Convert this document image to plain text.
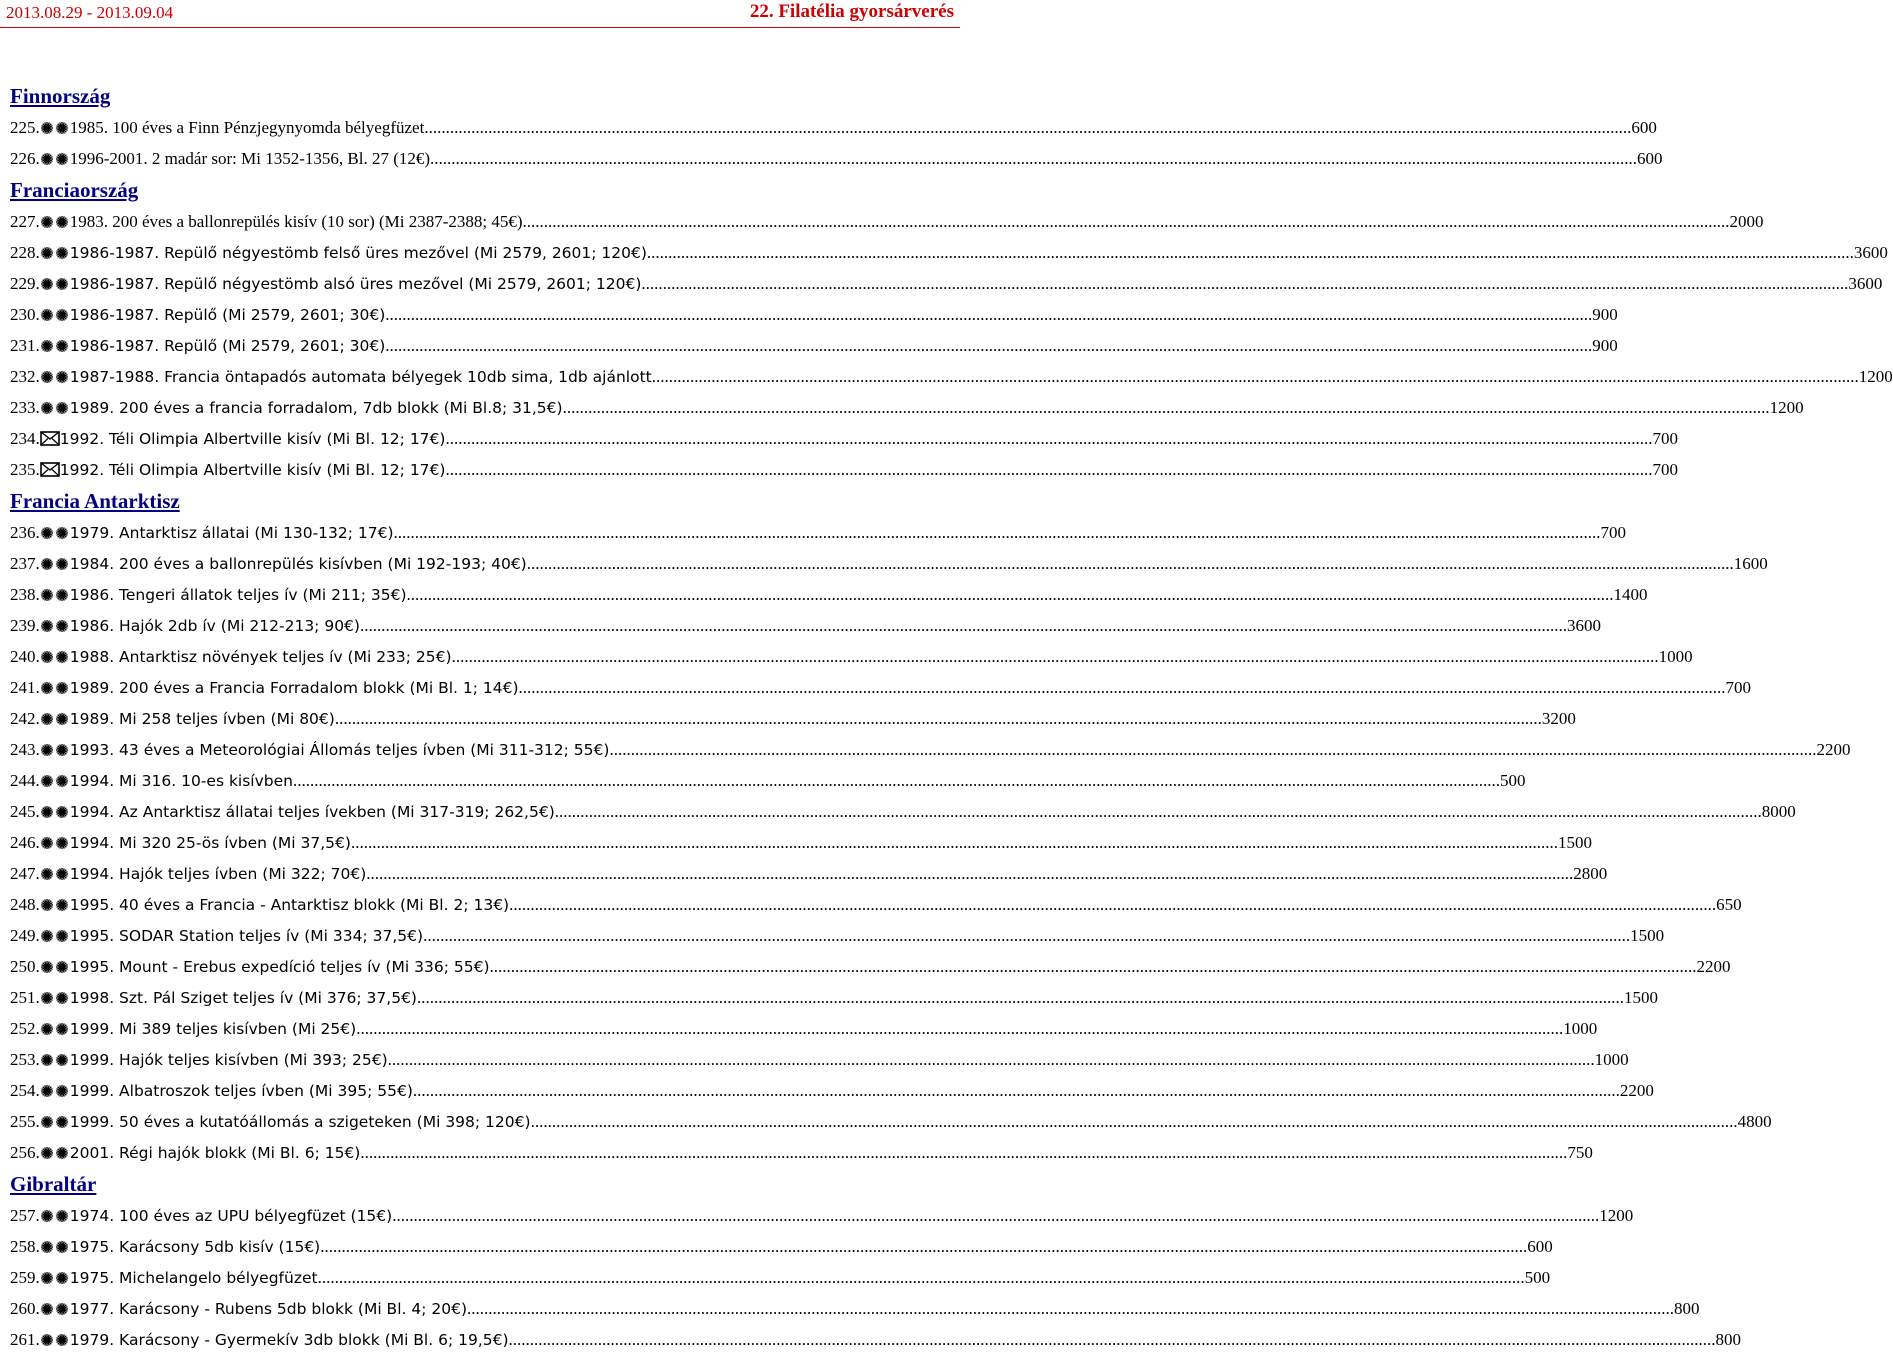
2013.08.29 - 2013.09.04	22. Filatélia gyorsárverés
Finnország
225. 1985. 100 éves a Finn Pénzjegynyomda bélyegfüzet .....	600
226. 1996-2001. 2 madár sor: Mi 1352-1356, Bl. 27 (12€) .....	600
Franciaország
227. 1983. 200 éves a ballonrepülés kisív (10 sor) (Mi 2387-2388; 45€) .....	2000
228. 1986-1987. Repülő négyestömb felső üres mezővel (Mi 2579, 2601; 120€) .....	3600
229. 1986-1987. Repülő négyestömb alsó üres mezővel (Mi 2579, 2601; 120€) .....	3600
230. 1986-1987. Repülő (Mi 2579, 2601; 30€) .....	900
231. 1986-1987. Repülő (Mi 2579, 2601; 30€) .....	900
232. 1987-1988. Francia öntapadós automata bélyegek 10db sima, 1db ajánlott .....	1200
233. 1989. 200 éves a francia forradalom, 7db blokk (Mi Bl.8; 31,5€) .....	1200
234. 1992. Téli Olimpia Albertville kisív (Mi Bl. 12; 17€) .....	700
235. 1992. Téli Olimpia Albertville kisív (Mi Bl. 12; 17€) .....	700
Francia Antarktisz
236. 1979. Antarktisz állatai (Mi 130-132; 17€) .....	700
237. 1984. 200 éves a ballonrepülés kisívben (Mi 192-193; 40€) .....	1600
238. 1986. Tengeri állatok teljes ív (Mi 211; 35€) .....	1400
239. 1986. Hajók 2db ív (Mi 212-213; 90€) .....	3600
240. 1988. Antarktisz növények teljes ív (Mi 233; 25€) .....	1000
241. 1989. 200 éves a Francia Forradalom blokk (Mi Bl. 1; 14€) .....	700
242. 1989. Mi 258 teljes ívben (Mi 80€) .....	3200
243. 1993. 43 éves a Meteorológiai Állomás teljes ívben (Mi 311-312; 55€) .....	2200
244. 1994. Mi 316. 10-es kisívben .....	500
245. 1994. Az Antarktisz állatai teljes ívekben (Mi 317-319; 262,5€) .....	8000
246. 1994. Mi 320 25-ös ívben (Mi 37,5€) .....	1500
247. 1994. Hajók teljes ívben (Mi 322; 70€) .....	2800
248. 1995. 40 éves a Francia - Antarktisz blokk (Mi Bl. 2; 13€) .....	650
249. 1995. SODAR Station teljes ív (Mi 334; 37,5€) .....	1500
250. 1995. Mount - Erebus expedíció teljes ív (Mi 336; 55€) .....	2200
251. 1998. Szt. Pál Sziget teljes ív (Mi 376; 37,5€) .....	1500
252. 1999. Mi 389 teljes kisívben (Mi 25€) .....	1000
253. 1999. Hajók teljes kisívben (Mi 393; 25€) .....	1000
254. 1999. Albatroszok teljes ívben (Mi 395; 55€) .....	2200
255. 1999. 50 éves a kutatóállomás a szigeteken (Mi 398; 120€) .....	4800
256. 2001. Régi hajók blokk (Mi Bl. 6; 15€) .....	750
Gibraltár
257. 1974. 100 éves az UPU bélyegfüzet (15€) .....	1200
258. 1975. Karácsony 5db kisív (15€) .....	600
259. 1975. Michelangelo bélyegfüzet .....	500
260. 1977. Karácsony - Rubens 5db blokk (Mi Bl. 4; 20€) .....	800
261. 1979. Karácsony - Gyermekív 3db blokk (Mi Bl. 6; 19,5€) .....	800
